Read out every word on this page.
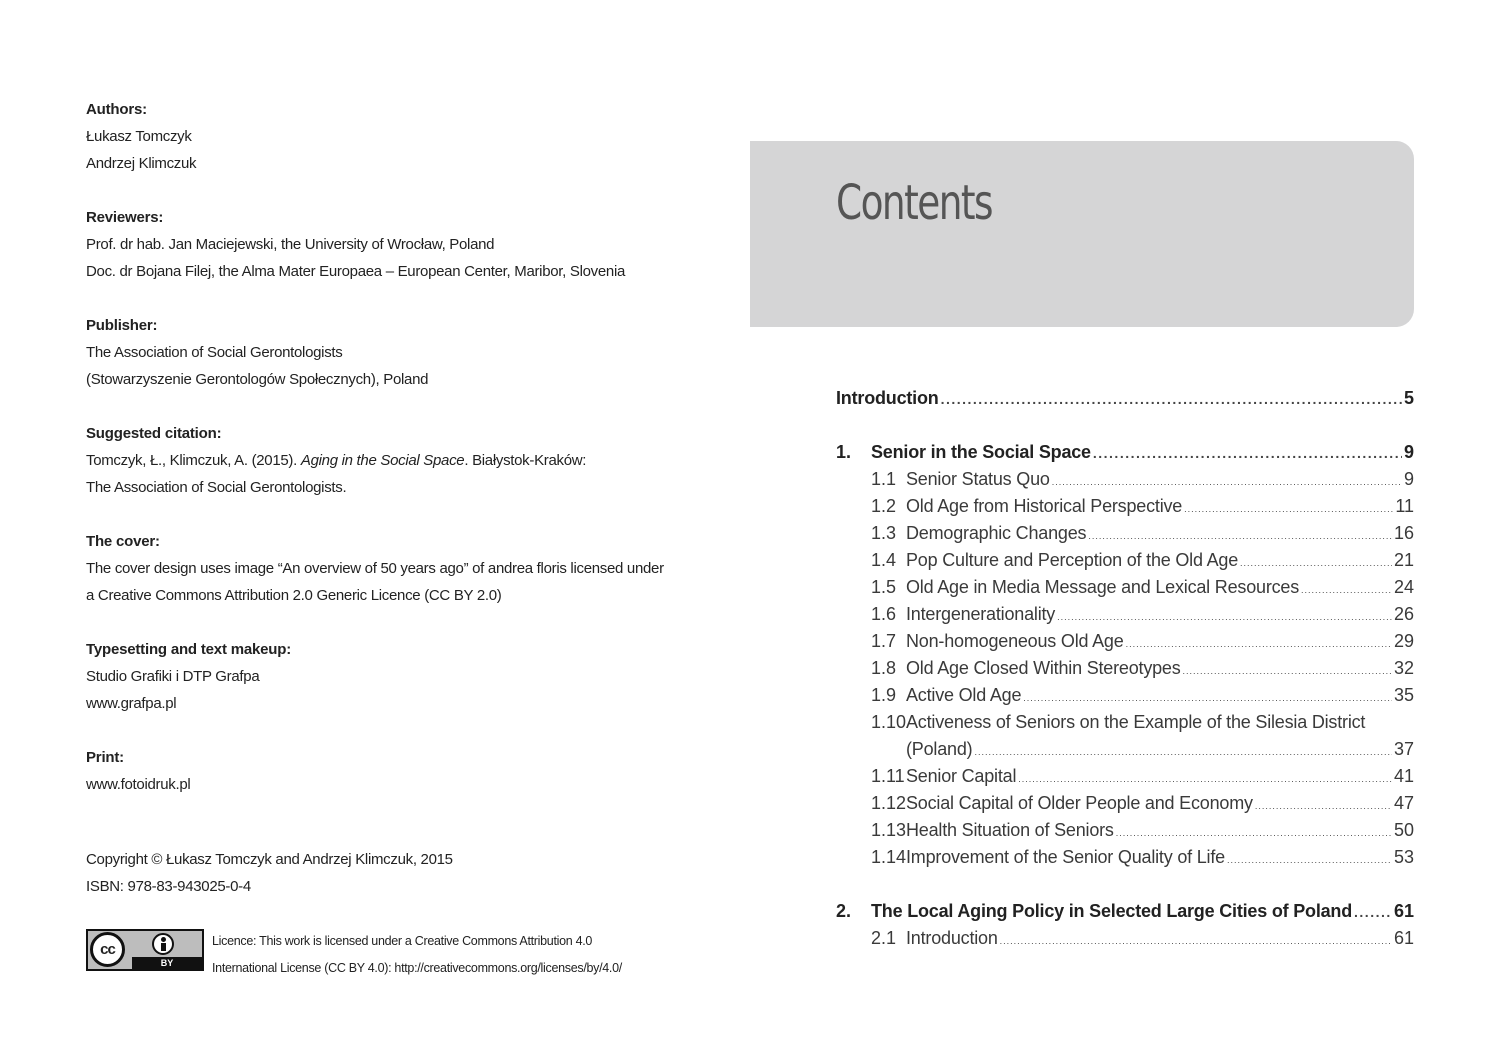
Authors:
Łukasz Tomczyk
Andrzej Klimczuk
Reviewers:
Prof. dr hab. Jan Maciejewski, the University of Wrocław, Poland
Doc. dr Bojana Filej, the Alma Mater Europaea – European Center, Maribor, Slovenia
Publisher:
The Association of Social Gerontologists
(Stowarzyszenie Gerontologów Społecznych), Poland
Suggested citation:
Tomczyk, Ł., Klimczuk, A. (2015). Aging in the Social Space. Białystok-Kraków:
The Association of Social Gerontologists.
The cover:
The cover design uses image “An overview of 50 years ago” of andrea floris licensed under
a Creative Commons Attribution 2.0 Generic Licence (CC BY 2.0)
Typesetting and text makeup:
Studio Grafiki i DTP Grafpa
www.grafpa.pl
Print:
www.fotoidruk.pl
Copyright © Łukasz Tomczyk and Andrzej Klimczuk, 2015
ISBN: 978-83-943025-0-4
cc
BY
Licence: This work is licensed under a Creative Commons Attribution 4.0
International License (CC BY 4.0): http://creativecommons.org/licenses/by/4.0/
Contents
Introduction .....	5
1.	Senior in the Social Space .....	9
1.1 Senior Status Quo .....	9
1.2 Old Age from Historical Perspective .....	11
1.3 Demographic Changes .....	16
1.4 Pop Culture and Perception of the Old Age .....	21
1.5 Old Age in Media Message and Lexical Resources .....	24
1.6 Intergenerationality .....	26
1.7 Non-homogeneous Old Age .....	29
1.8 Old Age Closed Within Stereotypes .....	32
1.9 Active Old Age .....	35
1.10 Activeness of Seniors on the Example of the Silesia District
(Poland) .....	37
1.11 Senior Capital .....	41
1.12 Social Capital of Older People and Economy .....	47
1.13 Health Situation of Seniors .....	50
1.14 Improvement of the Senior Quality of Life .....	53
2.	The Local Aging Policy in Selected Large Cities of Poland ..... 61
2.1 Introduction .....	61
